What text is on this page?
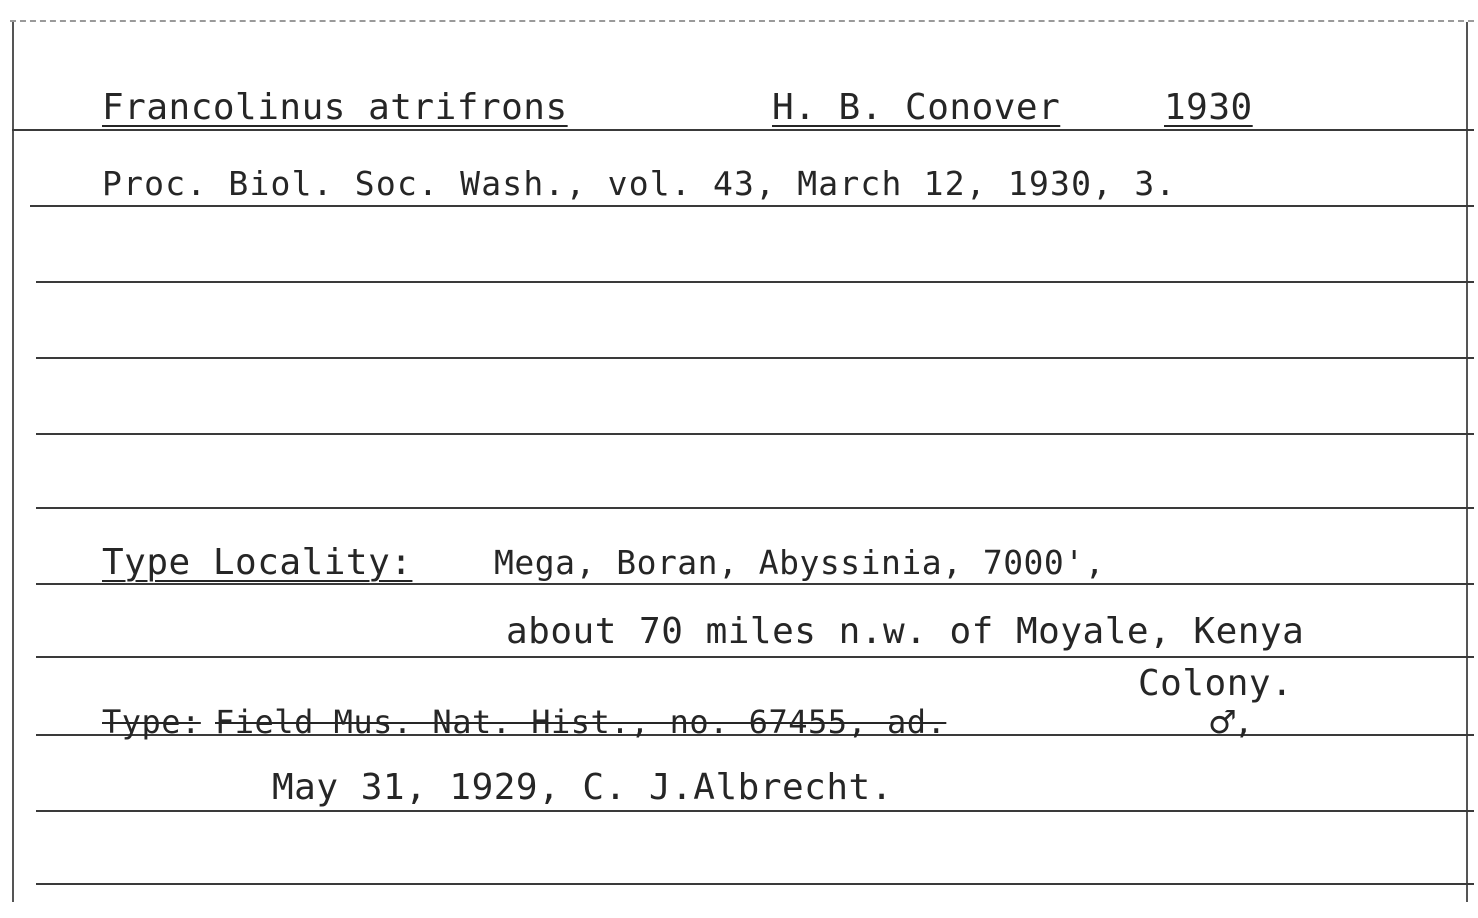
Francolinus atrifrons	H. B. Conover	1930
Proc. Biol. Soc. Wash., vol. 43, March 12, 1930, 3.
Type Locality: Mega, Boran, Abyssinia, 7000',
about 70 miles n.w. of Moyale, Kenya
Colony.
Type: Field Mus. Nat. Hist., no. 67455, ad.	♂
,
May 31, 1929, C. J.Albrecht.
